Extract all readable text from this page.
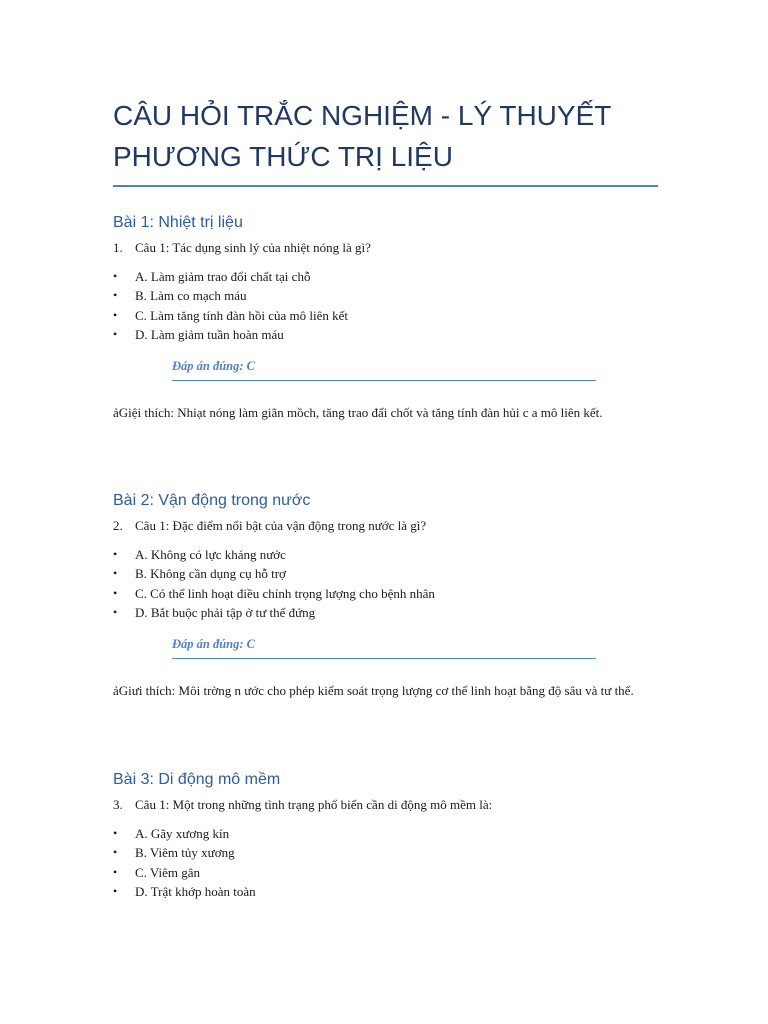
CÂU HỎI TRẮC NGHIỆM - LÝ THUYẾT
PHƯƠNG THỨC TRỊ LIỆU
Bài 1: Nhiệt trị liệu
1. Câu 1: Tác dụng sinh lý của nhiệt nóng là gì?
•	A. Làm giảm trao đổi chất tại chỗ
•	B. Làm co mạch máu
•	C. Làm tăng tính đàn hồi của mô liên kết
•	D. Làm giảm tuần hoàn máu
Đáp án đúng: C

ảGiệi thích: Nhiạt nóng làm giãn mồch, tăng trao đấi chốt và tăng tính đàn hủi c a mô liên kết.

Bài 2: Vận động trong nước
2. Câu 1: Đặc điểm nổi bật của vận động trong nước là gì?
•	A. Không có lực kháng nước
•	B. Không cần dụng cụ hỗ trợ
•	C. Có thể linh hoạt điều chỉnh trọng lượng cho bệnh nhân
•	D. Bắt buộc phải tập ở tư thế đứng
Đáp án đúng: C

ảGiưi thích: Môi trờng n ước cho phép kiểm soát trọng lượng cơ thể linh hoạt bằng độ sâu và tư thế.

Bài 3: Di động mô mềm
3. Câu 1: Một trong những tình trạng phổ biến cần di động mô mềm là:
•	A. Gãy xương kín
•	B. Viêm tủy xương
•	C. Viêm gân
•	D. Trật khớp hoàn toàn
